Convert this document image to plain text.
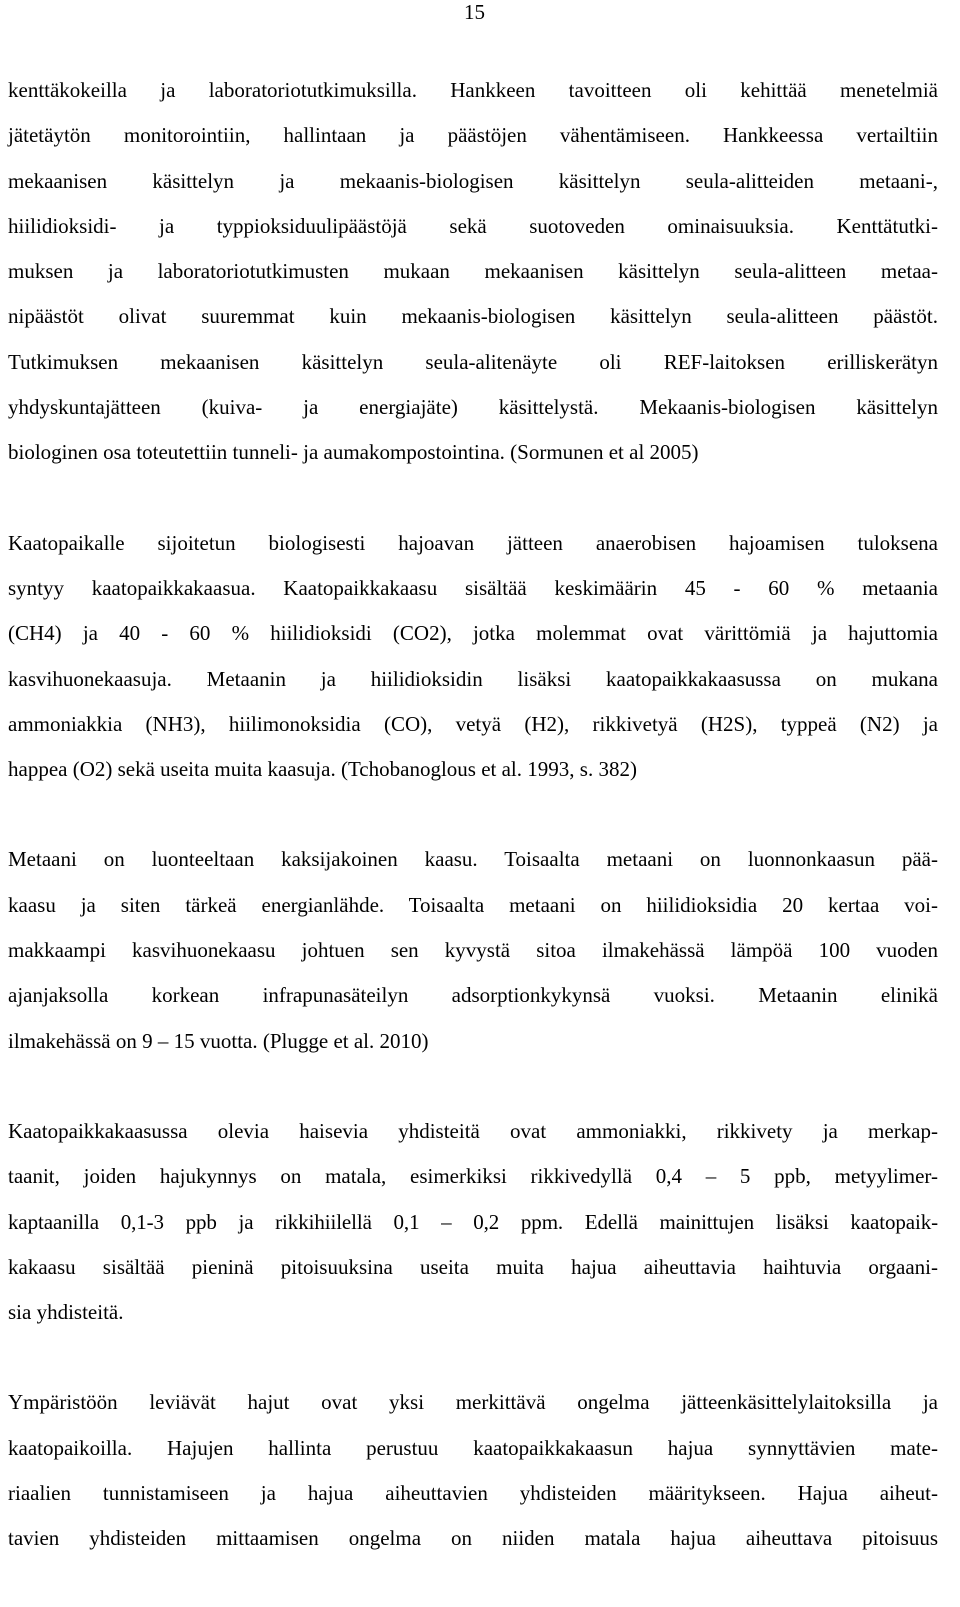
15
kenttäkokeilla ja laboratoriotutkimuksilla. Hankkeen tavoitteen oli kehittää menetelmiä
jätetäytön monitorointiin, hallintaan ja päästöjen vähentämiseen. Hankkeessa vertailtiin
mekaanisen käsittelyn ja mekaanis-biologisen käsittelyn seula-alitteiden metaani-,
hiilidioksidi- ja typpioksiduulipäästöjä sekä suotoveden ominaisuuksia. Kenttätutki-
muksen ja laboratoriotutkimusten mukaan mekaanisen käsittelyn seula-alitteen metaa-
nipäästöt olivat suuremmat kuin mekaanis-biologisen käsittelyn seula-alitteen päästöt.
Tutkimuksen mekaanisen käsittelyn seula-alitenäyte oli REF-laitoksen erilliskerätyn
yhdyskuntajätteen (kuiva- ja energiajäte) käsittelystä. Mekaanis-biologisen käsittelyn
biologinen osa toteutettiin tunneli- ja aumakompostointina. (Sormunen et al 2005)
Kaatopaikalle sijoitetun biologisesti hajoavan jätteen anaerobisen hajoamisen tuloksena
syntyy kaatopaikkakaasua. Kaatopaikkakaasu sisältää keskimäärin 45 - 60 % metaania
(CH4) ja 40 - 60 % hiilidioksidi (CO2), jotka molemmat ovat värittömiä ja hajuttomia
kasvihuonekaasuja. Metaanin ja hiilidioksidin lisäksi kaatopaikkakaasussa on mukana
ammoniakkia (NH3), hiilimonoksidia (CO), vetyä (H2), rikkivetyä (H2S), typpeä (N2) ja
happea (O2) sekä useita muita kaasuja. (Tchobanoglous et al. 1993, s. 382)
Metaani on luonteeltaan kaksijakoinen kaasu. Toisaalta metaani on luonnonkaasun pää-
kaasu ja siten tärkeä energianlähde. Toisaalta metaani on hiilidioksidia 20 kertaa voi-
makkaampi kasvihuonekaasu johtuen sen kyvystä sitoa ilmakehässä lämpöä 100 vuoden
ajanjaksolla korkean infrapunasäteilyn adsorptionkykynsä vuoksi. Metaanin elinikä
ilmakehässä on 9 – 15 vuotta. (Plugge et al. 2010)
Kaatopaikkakaasussa olevia haisevia yhdisteitä ovat ammoniakki, rikkivety ja merkap-
taanit, joiden hajukynnys on matala, esimerkiksi rikkivedyllä 0,4 – 5 ppb, metyylimer-
kaptaanilla 0,1-3 ppb ja rikkihiilellä 0,1 – 0,2 ppm. Edellä mainittujen lisäksi kaatopaik-
kakaasu sisältää pieninä pitoisuuksina useita muita hajua aiheuttavia haihtuvia orgaani-
sia yhdisteitä.
Ympäristöön leviävät hajut ovat yksi merkittävä ongelma jätteenkäsittelylaitoksilla ja
kaatopaikoilla. Hajujen hallinta perustuu kaatopaikkakaasun hajua synnyttävien mate-
riaalien tunnistamiseen ja hajua aiheuttavien yhdisteiden määritykseen. Hajua aiheut-
tavien yhdisteiden mittaamisen ongelma on niiden matala hajua aiheuttava pitoisuus
